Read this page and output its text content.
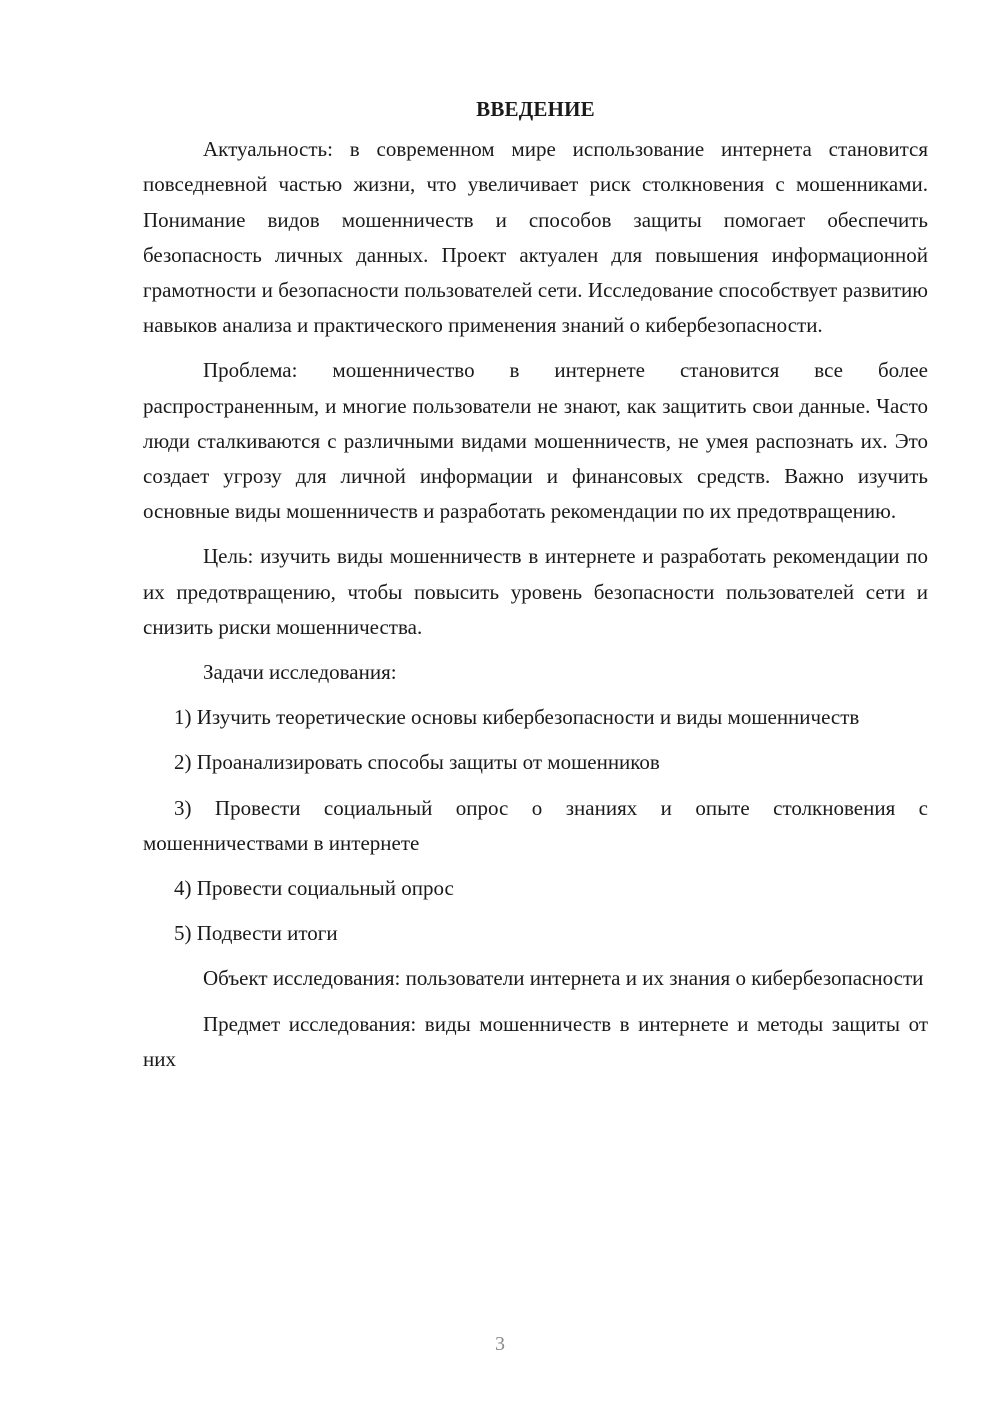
ВВЕДЕНИЕ

Актуальность: в современном мире использование интернета становится повседневной частью жизни, что увеличивает риск столкновения с мошенниками. Понимание видов мошенничеств и способов защиты помогает обеспечить безопасность личных данных. Проект актуален для повышения информационной грамотности и безопасности пользователей сети. Исследование способствует развитию навыков анализа и практического применения знаний о кибербезопасности.

Проблема: мошенничество в интернете становится все более распространенным, и многие пользователи не знают, как защитить свои данные. Часто люди сталкиваются с различными видами мошенничеств, не умея распознать их. Это создает угрозу для личной информации и финансовых средств. Важно изучить основные виды мошенничеств и разработать рекомендации по их предотвращению.

Цель: изучить виды мошенничеств в интернете и разработать рекомендации по их предотвращению, чтобы повысить уровень безопасности пользователей сети и снизить риски мошенничества.

Задачи исследования:

1) Изучить теоретические основы кибербезопасности и виды мошенничеств

2) Проанализировать способы защиты от мошенников

3) Провести социальный опрос о знаниях и опыте столкновения с мошенничествами в интернете

4) Провести социальный опрос

5) Подвести итоги

Объект исследования: пользователи интернета и их знания о кибербезопасности

Предмет исследования: виды мошенничеств в интернете и методы защиты от них

3
